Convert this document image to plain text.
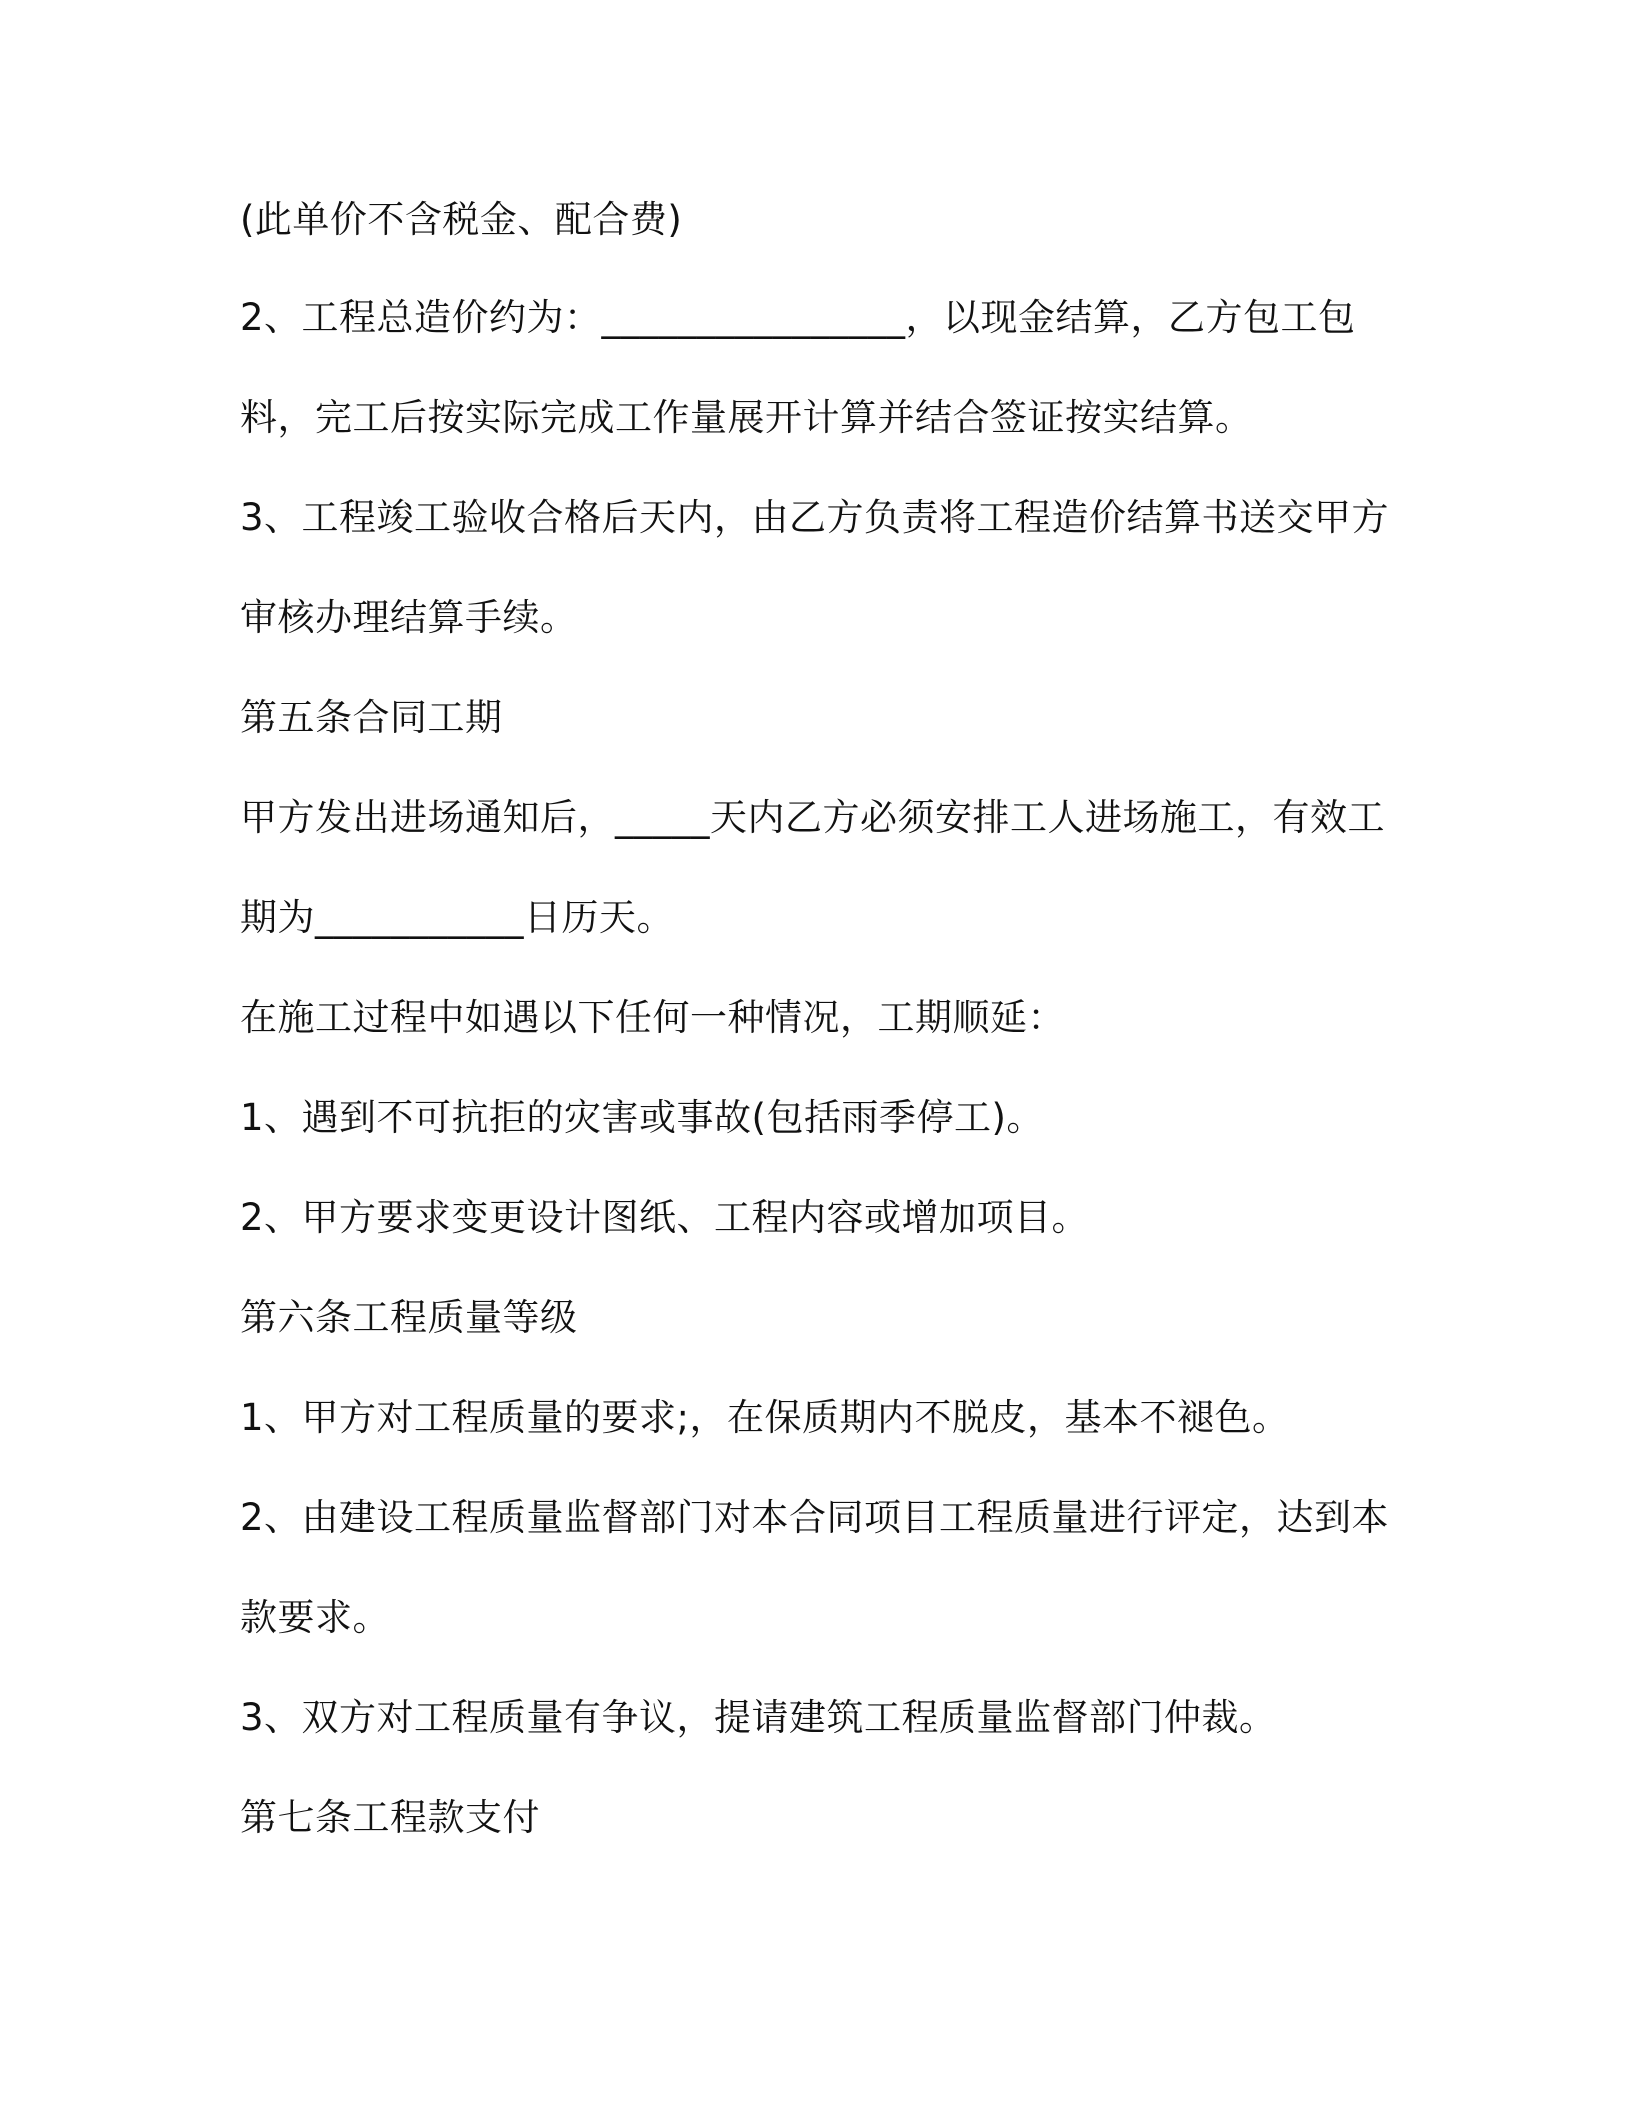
(此单价不含税金、配合费)
2、工程总造价约为：________________，以现金结算，乙方包工包
料，完工后按实际完成工作量展开计算并结合签证按实结算。
3、工程竣工验收合格后天内，由乙方负责将工程造价结算书送交甲方
审核办理结算手续。
第五条合同工期
甲方发出进场通知后，_____天内乙方必须安排工人进场施工，有效工
期为___________日历天。
在施工过程中如遇以下任何一种情况，工期顺延：
1、遇到不可抗拒的灾害或事故(包括雨季停工)。
2、甲方要求变更设计图纸、工程内容或增加项目。
第六条工程质量等级
1、甲方对工程质量的要求;，在保质期内不脱皮，基本不褪色。
2、由建设工程质量监督部门对本合同项目工程质量进行评定，达到本
款要求。
3、双方对工程质量有争议，提请建筑工程质量监督部门仲裁。
第七条工程款支付
